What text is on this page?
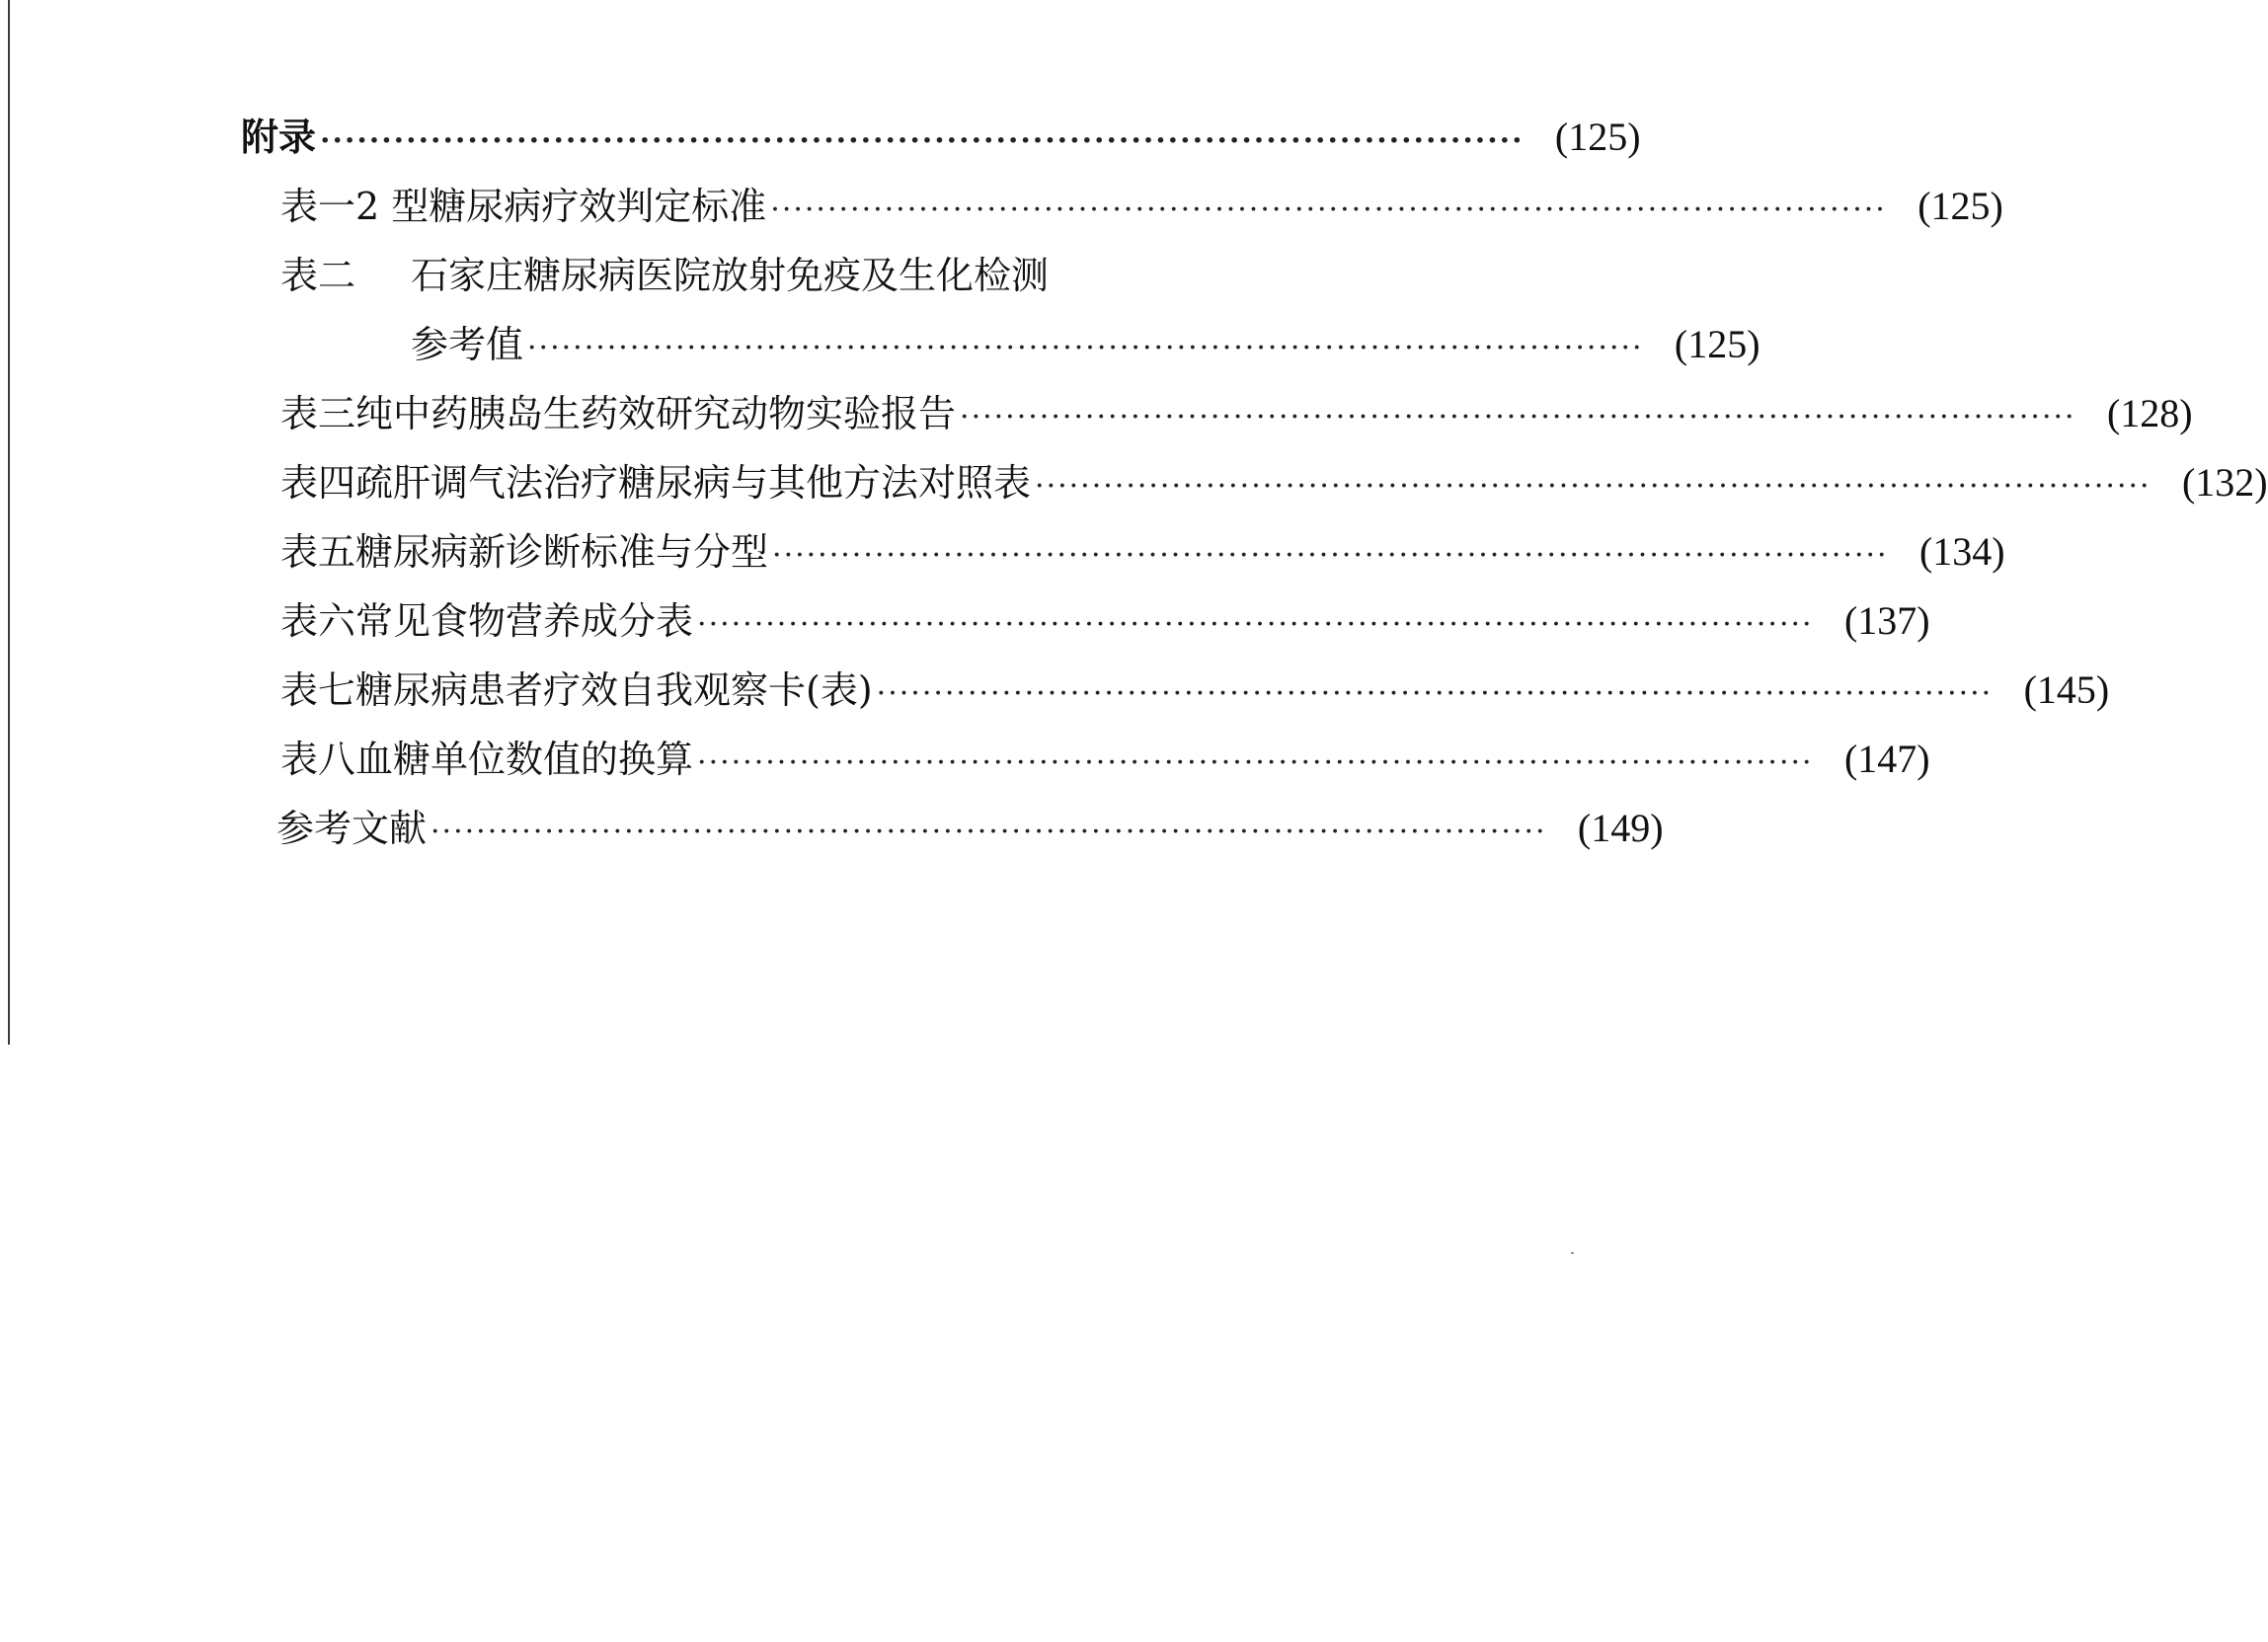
附录 ·································································································· (125)
表一 2 型糖尿病疗效判定标准 ·································································································· (125)
表二	石家庄糖尿病医院放射免疫及生化检测
参考值 ·································································································· (125)
表三 纯中药胰岛生药效研究动物实验报告 ·································································································· (128)
表四 疏肝调气法治疗糖尿病与其他方法对照表 ·································································································· (132)
表五 糖尿病新诊断标准与分型 ·································································································· (134)
表六 常见食物营养成分表 ·································································································· (137)
表七 糖尿病患者疗效自我观察卡(表) ·································································································· (145)
表八 血糖单位数值的换算 ·································································································· (147)
参考文献 ·································································································· (149)
